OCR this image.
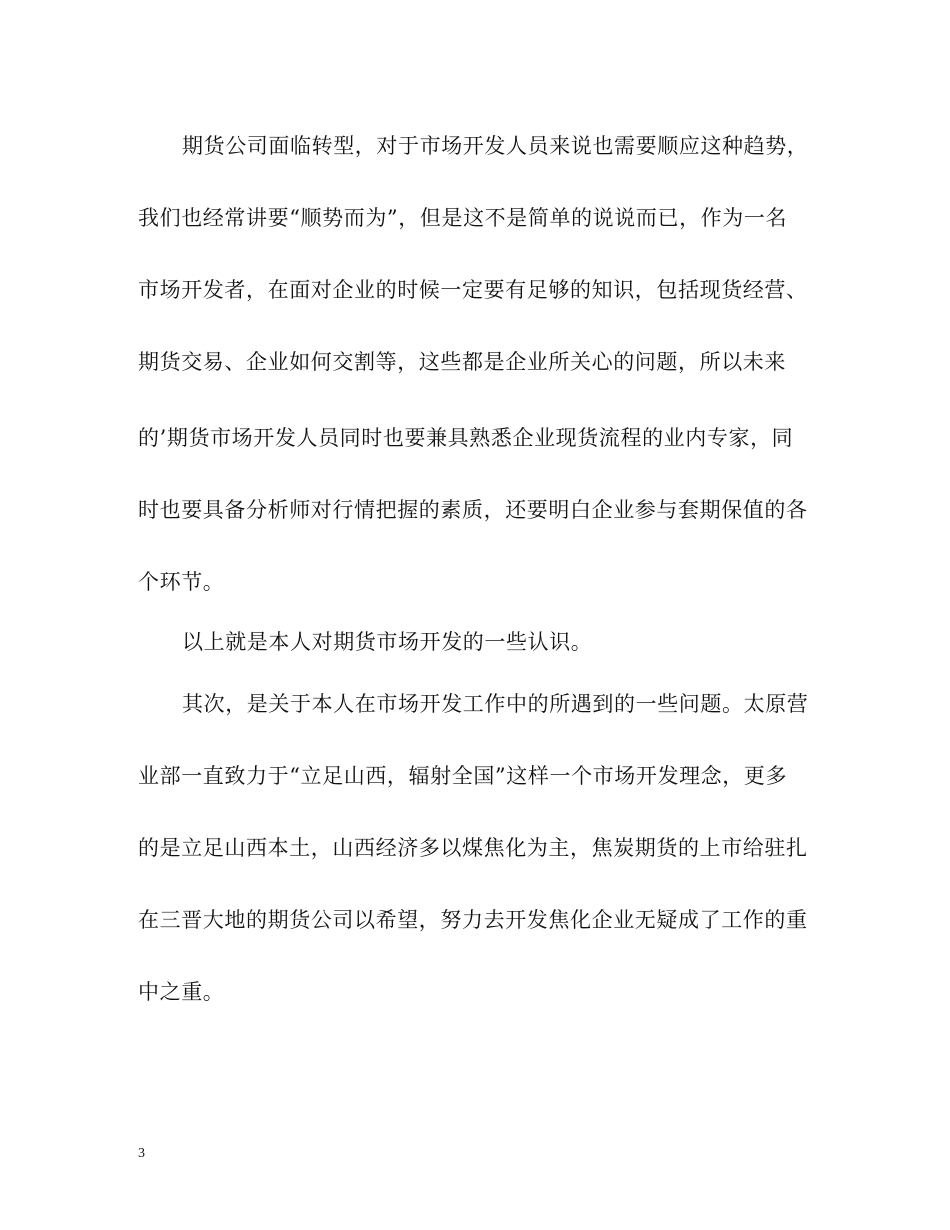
期货公司面临转型，对于市场开发人员来说也需要顺应这种趋势，
我们也经常讲要“顺势而为”，但是这不是简单的说说而已，作为一名
市场开发者，在面对企业的时候一定要有足够的知识，包括现货经营、
期货交易、企业如何交割等，这些都是企业所关心的问题，所以未来
的’期货市场开发人员同时也要兼具熟悉企业现货流程的业内专家，同
时也要具备分析师对行情把握的素质，还要明白企业参与套期保值的各
个环节。
以上就是本人对期货市场开发的一些认识。
其次，是关于本人在市场开发工作中的所遇到的一些问题。太原营
业部一直致力于“立足山西，辐射全国”这样一个市场开发理念，更多
的是立足山西本土，山西经济多以煤焦化为主，焦炭期货的上市给驻扎
在三晋大地的期货公司以希望，努力去开发焦化企业无疑成了工作的重
中之重。
3
